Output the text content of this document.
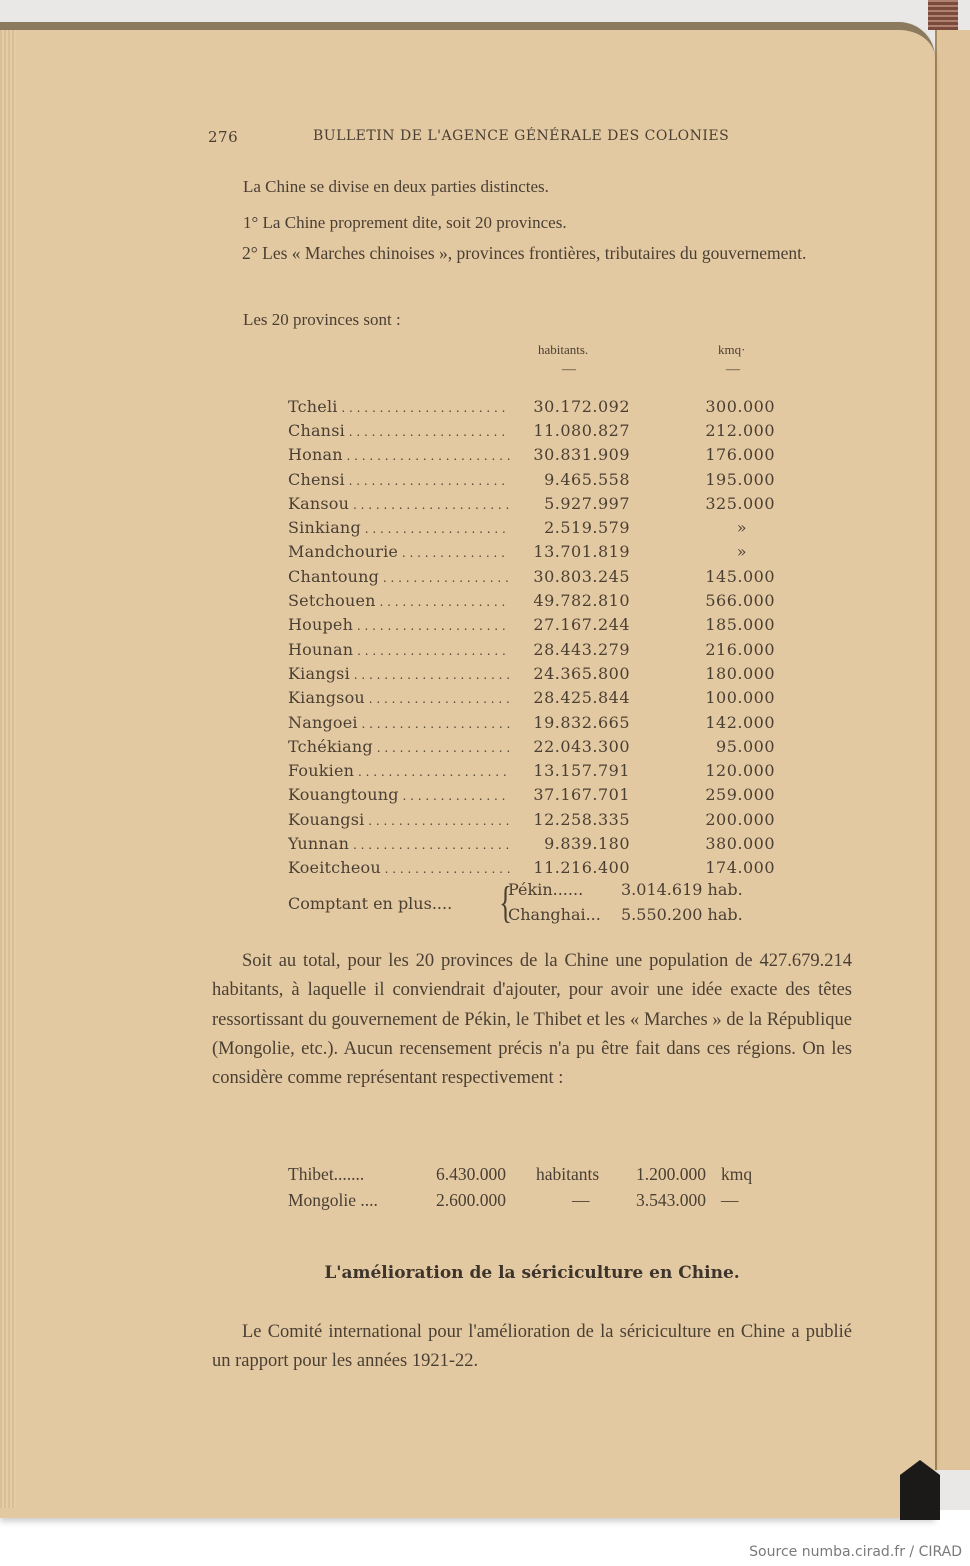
276	BULLETIN DE L'AGENCE GÉNÉRALE DES COLONIES
La Chine se divise en deux parties distinctes.
1° La Chine proprement dite, soit 20 provinces.
2° Les « Marches chinoises », provinces frontières, tributaires du gouvernement.
Les 20 provinces sont :
habitants.	kmq·
—	—
Tcheli . . .	30.172.092	300.000
Chansi . . .	11.080.827	212.000
Honan . . .	30.831.909	176.000
Chensi . . .	9.465.558	195.000
Kansou . . .	5.927.997	325.000
Sinkiang . . .	2.519.579	»
Mandchourie . . .	13.701.819	»
Chantoung . . .	30.803.245	145.000
Setchouen . . .	49.782.810	566.000
Houpeh . . .	27.167.244	185.000
Hounan . . .	28.443.279	216.000
Kiangsi . . .	24.365.800	180.000
Kiangsou . . .	28.425.844	100.000
Nangoei . . .	19.832.665	142.000
Tchékiang . . .	22.043.300	95.000
Foukien . . .	13.157.791	120.000
Kouangtoung . . .	37.167.701	259.000
Kouangsi . . .	12.258.335	200.000
Yunnan . . .	9.839.180	380.000
Koeitcheou . . .	11.216.400	174.000
Comptant en plus.... {
Pékin......	3.014.619 hab.
Changhai...	5.550.200 hab.
Soit au total, pour les 20 provinces de la Chine une population de 427.679.214 habitants, à laquelle il conviendrait d'ajouter, pour avoir une idée exacte des têtes ressortissant du gouvernement de Pékin, le Thibet et les « Marches » de la République (Mongolie, etc.). Aucun recensement précis n'a pu être fait dans ces régions. On les considère comme représentant respectivement :
Thibet.......	6.430.000	habitants	1.200.000 kmq
Mongolie ....	2.600.000	—	3.543.000 —
L'amélioration de la sériciculture en Chine.
Le Comité international pour l'amélioration de la sériciculture en Chine a publié un rapport pour les années 1921-22.
Source numba.cirad.fr / CIRAD
